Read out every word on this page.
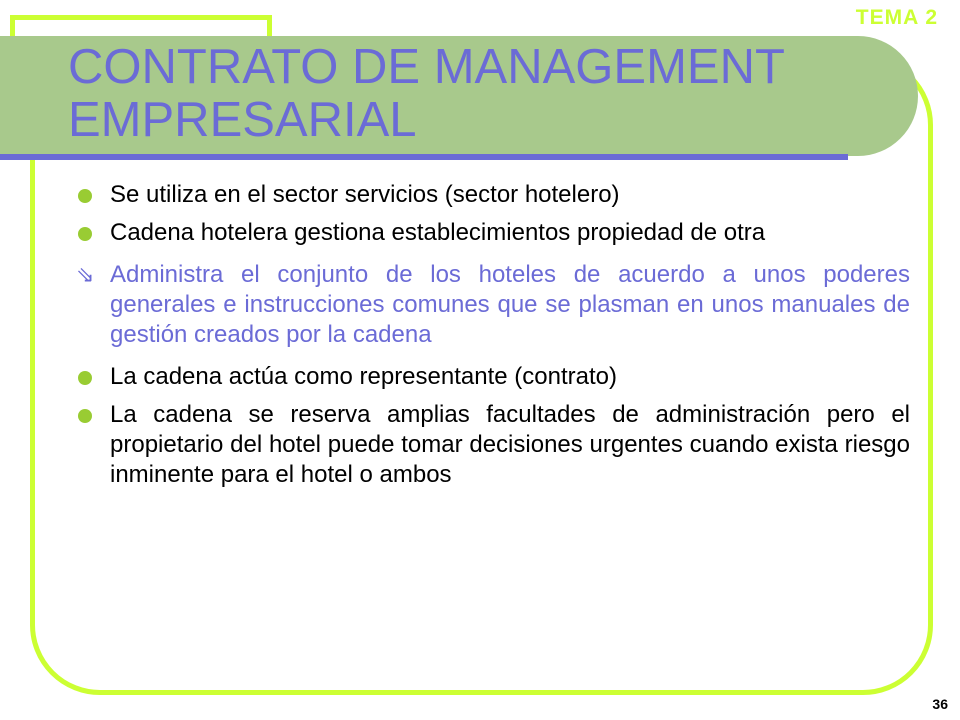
TEMA 2
CONTRATO DE MANAGEMENT
EMPRESARIAL
Se utiliza en el sector servicios (sector hotelero)
Cadena hotelera gestiona establecimientos propiedad de otra
⇘ Administra el conjunto de los hoteles de acuerdo a unos poderes generales e instrucciones comunes que se plasman en unos manuales de gestión creados por la cadena
La cadena actúa como representante (contrato)
La cadena se reserva amplias facultades de administración pero el propietario del hotel puede tomar decisiones urgentes cuando exista riesgo inminente para el hotel o ambos
36
